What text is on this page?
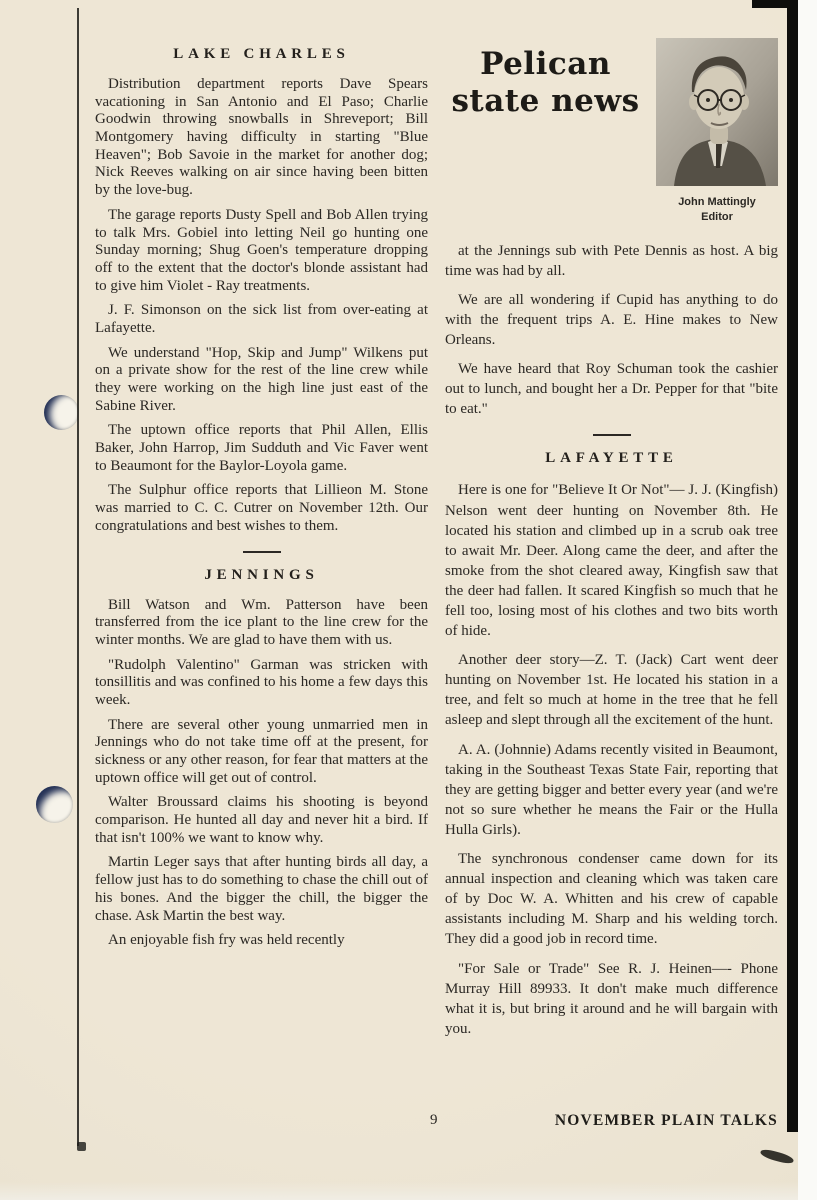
LAKE CHARLES

Distribution department reports Dave Spears vacationing in San Antonio and El Paso; Charlie Goodwin throwing snowballs in Shreveport; Bill Montgomery having difficulty in starting "Blue Heaven"; Bob Savoie in the market for another dog; Nick Reeves walking on air since having been bitten by the love-bug.

The garage reports Dusty Spell and Bob Allen trying to talk Mrs. Gobiel into letting Neil go hunting one Sunday morning; Shug Goen's temperature dropping off to the extent that the doctor's blonde assistant had to give him Violet - Ray treatments.

J. F. Simonson on the sick list from over-eating at Lafayette.

We understand "Hop, Skip and Jump" Wilkens put on a private show for the rest of the line crew while they were working on the high line just east of the Sabine River.

The uptown office reports that Phil Allen, Ellis Baker, John Harrop, Jim Sudduth and Vic Faver went to Beaumont for the Baylor-Loyola game.

The Sulphur office reports that Lillieon M. Stone was married to C. C. Cutrer on November 12th. Our congratulations and best wishes to them.

JENNINGS

Bill Watson and Wm. Patterson have been transferred from the ice plant to the line crew for the winter months. We are glad to have them with us.

"Rudolph Valentino" Garman was stricken with tonsillitis and was confined to his home a few days this week.

There are several other young unmarried men in Jennings who do not take time off at the present, for sickness or any other reason, for fear that matters at the uptown office will get out of control.

Walter Broussard claims his shooting is beyond comparison. He hunted all day and never hit a bird. If that isn't 100% we want to know why.

Martin Leger says that after hunting birds all day, a fellow just has to do something to chase the chill out of his bones. And the bigger the chill, the bigger the chase. Ask Martin the best way.

An enjoyable fish fry was held recently

Pelican
state news
John Mattingly
Editor

at the Jennings sub with Pete Dennis as host. A big time was had by all.

We are all wondering if Cupid has anything to do with the frequent trips A. E. Hine makes to New Orleans.

We have heard that Roy Schuman took the cashier out to lunch, and bought her a Dr. Pepper for that "bite to eat."

LAFAYETTE

Here is one for "Believe It Or Not"— J. J. (Kingfish) Nelson went deer hunting on November 8th. He located his station and climbed up in a scrub oak tree to await Mr. Deer. Along came the deer, and after the smoke from the shot cleared away, Kingfish saw that the deer had fallen. It scared Kingfish so much that he fell too, losing most of his clothes and two bits worth of hide.

Another deer story—Z. T. (Jack) Cart went deer hunting on November 1st. He located his station in a tree, and felt so much at home in the tree that he fell asleep and slept through all the excitement of the hunt.

A. A. (Johnnie) Adams recently visited in Beaumont, taking in the Southeast Texas State Fair, reporting that they are getting bigger and better every year (and we're not so sure whether he means the Fair or the Hulla Hulla Girls).

The synchronous condenser came down for its annual inspection and cleaning which was taken care of by Doc W. A. Whitten and his crew of capable assistants including M. Sharp and his welding torch. They did a good job in record time.

"For Sale or Trade" See R. J. Heinen—- Phone Murray Hill 89933. It don't make much difference what it is, but bring it around and he will bargain with you.

9	NOVEMBER PLAIN TALKS
